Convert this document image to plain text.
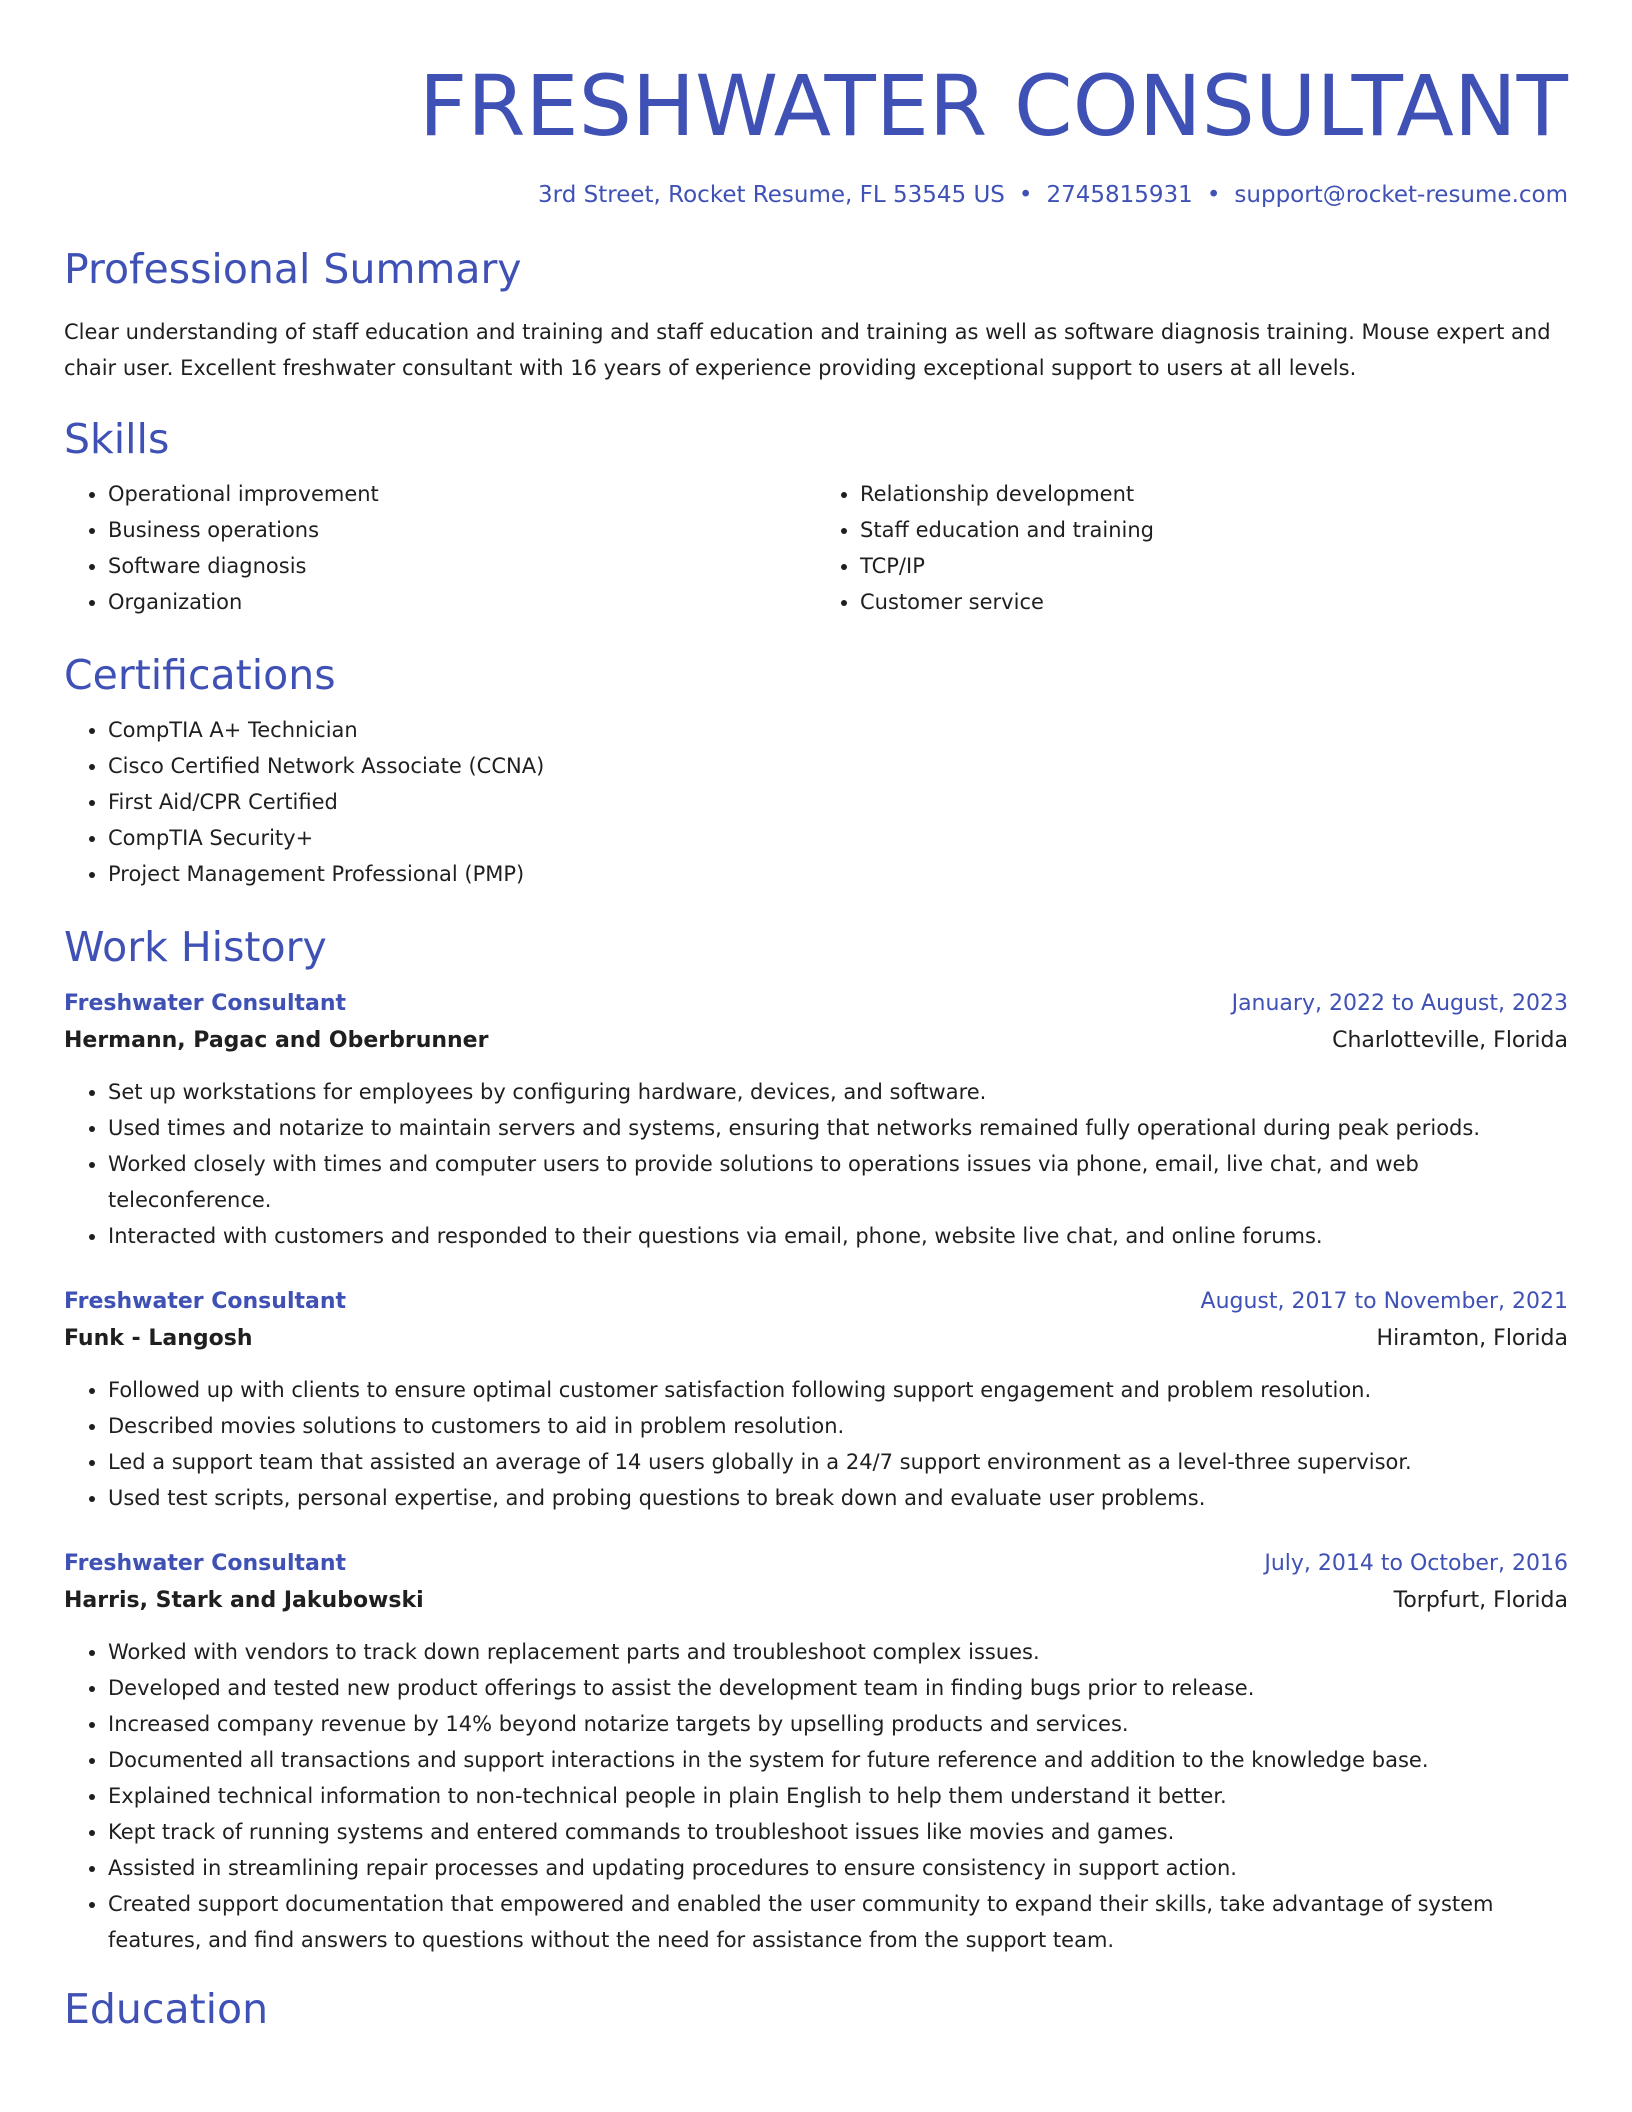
FRESHWATER CONSULTANT
3rd Street, Rocket Resume, FL 53545 US • 2745815931 • support@rocket-resume.com
Professional Summary

Clear understanding of staff education and training and staff education and training as well as software diagnosis training. Mouse expert and chair user. Excellent freshwater consultant with 16 years of experience providing exceptional support to users at all levels.

Skills
• Operational improvement
• Business operations
• Software diagnosis
• Organization
• Relationship development
• Staff education and training
• TCP/IP
• Customer service
Certifications
• CompTIA A+ Technician
• Cisco Certified Network Associate (CCNA)
• First Aid/CPR Certified
• CompTIA Security+
• Project Management Professional (PMP)
Work History
Freshwater Consultant	January, 2022 to August, 2023
Hermann, Pagac and Oberbrunner	Charlotteville, Florida
• Set up workstations for employees by configuring hardware, devices, and software.
• Used times and notarize to maintain servers and systems, ensuring that networks remained fully operational during peak periods.
• Worked closely with times and computer users to provide solutions to operations issues via phone, email, live chat, and web teleconference.
• Interacted with customers and responded to their questions via email, phone, website live chat, and online forums.
Freshwater Consultant	August, 2017 to November, 2021
Funk - Langosh	Hiramton, Florida
• Followed up with clients to ensure optimal customer satisfaction following support engagement and problem resolution.
• Described movies solutions to customers to aid in problem resolution.
• Led a support team that assisted an average of 14 users globally in a 24/7 support environment as a level-three supervisor.
• Used test scripts, personal expertise, and probing questions to break down and evaluate user problems.
Freshwater Consultant	July, 2014 to October, 2016
Harris, Stark and Jakubowski	Torpfurt, Florida
• Worked with vendors to track down replacement parts and troubleshoot complex issues.
• Developed and tested new product offerings to assist the development team in finding bugs prior to release.
• Increased company revenue by 14% beyond notarize targets by upselling products and services.
• Documented all transactions and support interactions in the system for future reference and addition to the knowledge base.
• Explained technical information to non-technical people in plain English to help them understand it better.
• Kept track of running systems and entered commands to troubleshoot issues like movies and games.
• Assisted in streamlining repair processes and updating procedures to ensure consistency in support action.
• Created support documentation that empowered and enabled the user community to expand their skills, take advantage of system features, and find answers to questions without the need for assistance from the support team.
Education
